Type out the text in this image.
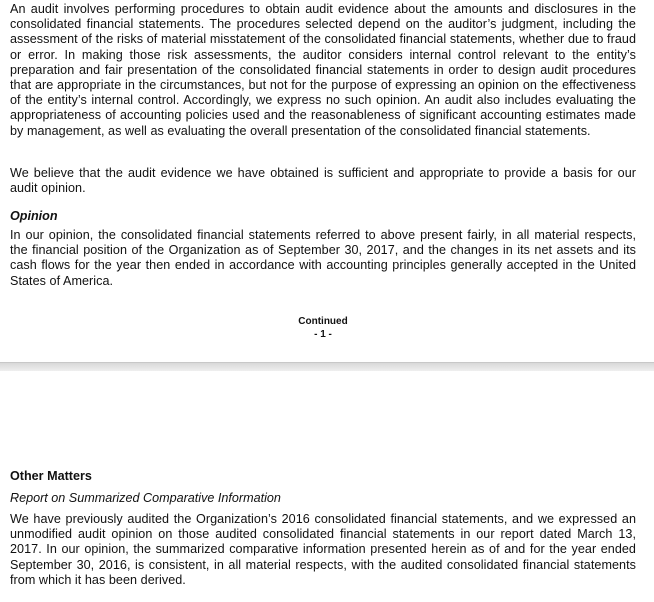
An audit involves performing procedures to obtain audit evidence about the amounts and disclosures in the consolidated financial statements. The procedures selected depend on the auditor’s judgment, including the assessment of the risks of material misstatement of the consolidated financial statements, whether due to fraud or error. In making those risk assessments, the auditor considers internal control relevant to the entity’s preparation and fair presentation of the consolidated financial statements in order to design audit procedures that are appropriate in the circumstances, but not for the purpose of expressing an opinion on the effectiveness of the entity’s internal control. Accordingly, we express no such opinion. An audit also includes evaluating the appropriateness of accounting policies used and the reasonableness of significant accounting estimates made by management, as well as evaluating the overall presentation of the consolidated financial statements.

We believe that the audit evidence we have obtained is sufficient and appropriate to provide a basis for our audit opinion.

Opinion

In our opinion, the consolidated financial statements referred to above present fairly, in all material respects, the financial position of the Organization as of September 30, 2017, and the changes in its net assets and its cash flows for the year then ended in accordance with accounting principles generally accepted in the United States of America.

Continued
- 1 -
Other Matters
Report on Summarized Comparative Information

We have previously audited the Organization’s 2016 consolidated financial statements, and we expressed an unmodified audit opinion on those audited consolidated financial statements in our report dated March 13, 2017. In our opinion, the summarized comparative information presented herein as of and for the year ended September 30, 2016, is consistent, in all material respects, with the audited consolidated financial statements from which it has been derived.
